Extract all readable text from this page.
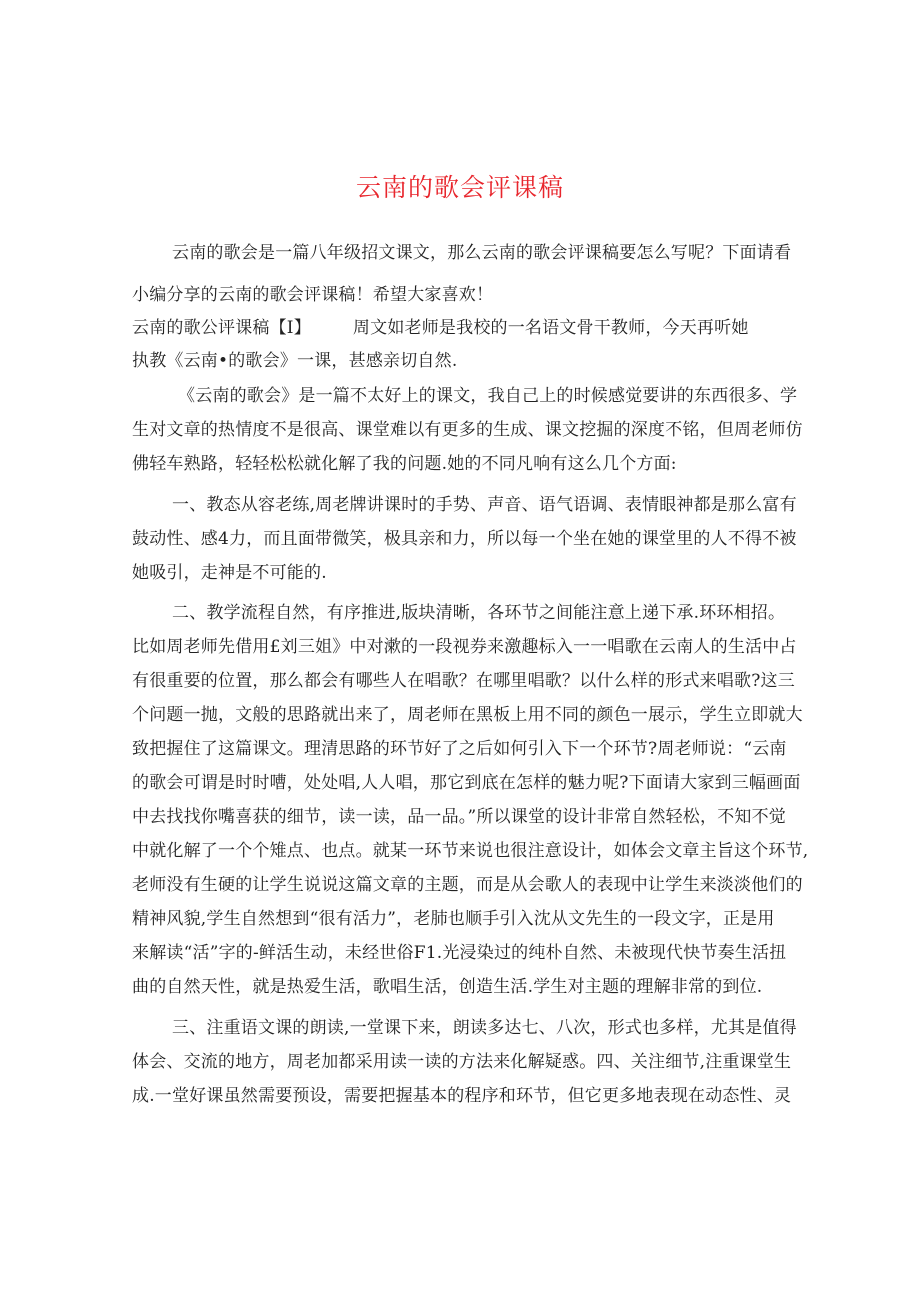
云南的歌会评课稿
云南的歌会是一篇八年级招文课文，那么云南的歌会评课稿要怎么写呢？下面请看
小编分享的云南的歌会评课稿！希望大家喜欢！
云南的歌公评课稿【I】 周文如老师是我校的一名语文骨干教师，今天再听她
执教《云南•的歌会》一课，甚感亲切自然.
《云南的歌会》是一篇不太好上的课文，我自己上的时候感觉要讲的东西很多、学
生对文章的热情度不是很高、课堂难以有更多的生成、课文挖掘的深度不铭，但周老师仿
佛轻车熟路，轻轻松松就化解了我的问题.她的不同凡响有这么几个方面:
一、教态从容老练,周老牌讲课时的手势、声音、语气语调、表情眼神都是那么富有
鼓动性、感4力，而且面带微笑，极具亲和力，所以每一个坐在她的课堂里的人不得不被
她吸引，走神是不可能的.
二、教学流程自然，有序推进,版块清晰，各环节之间能注意上递下承.环环相招。
比如周老师先借用£刘三姐》中对漱的一段视券来激趣标入一一唱歌在云南人的生活中占
有很重要的位置，那么都会有哪些人在唱歌？在哪里唱歌？以什么样的形式来唱歌?这三
个问题一抛，文般的思路就出来了，周老师在黑板上用不同的颜色一展示，学生立即就大
致把握住了这篇课文。理清思路的环节好了之后如何引入下一个环节?周老师说：“云南
的歌会可谓是时时嘈，处处唱,人人唱，那它到底在怎样的魅力呢?下面请大家到三幅画面
中去找找你嘴喜获的细节，读一读，品一品。”所以课堂的设计非常自然轻松，不知不觉
中就化解了一个个雉点、也点。就某一环节来说也很注意设计，如体会文章主旨这个环节,
老师没有生硬的让学生说说这篇文章的主题，而是从会歌人的表现中让学生来淡淡他们的
精神风貌,学生自然想到“很有活力”，老肺也顺手引入沈从文先生的一段文字，正是用
来解读“活”字的-鲜活生动，未经世俗F1.光浸染过的纯朴自然、未被现代快节奏生活扭
曲的自然天性，就是热爱生活，歌唱生活，创造生活.学生对主题的理解非常的到位.
三、注重语文课的朗读,一堂课下来，朗读多达七、八次，形式也多样，尤其是值得
体会、交流的地方，周老加都采用读一读的方法来化解疑惑。四、关注细节,注重课堂生
成.一堂好课虽然需要预设，需要把握基本的程序和环节，但它更多地表现在动态性、灵
